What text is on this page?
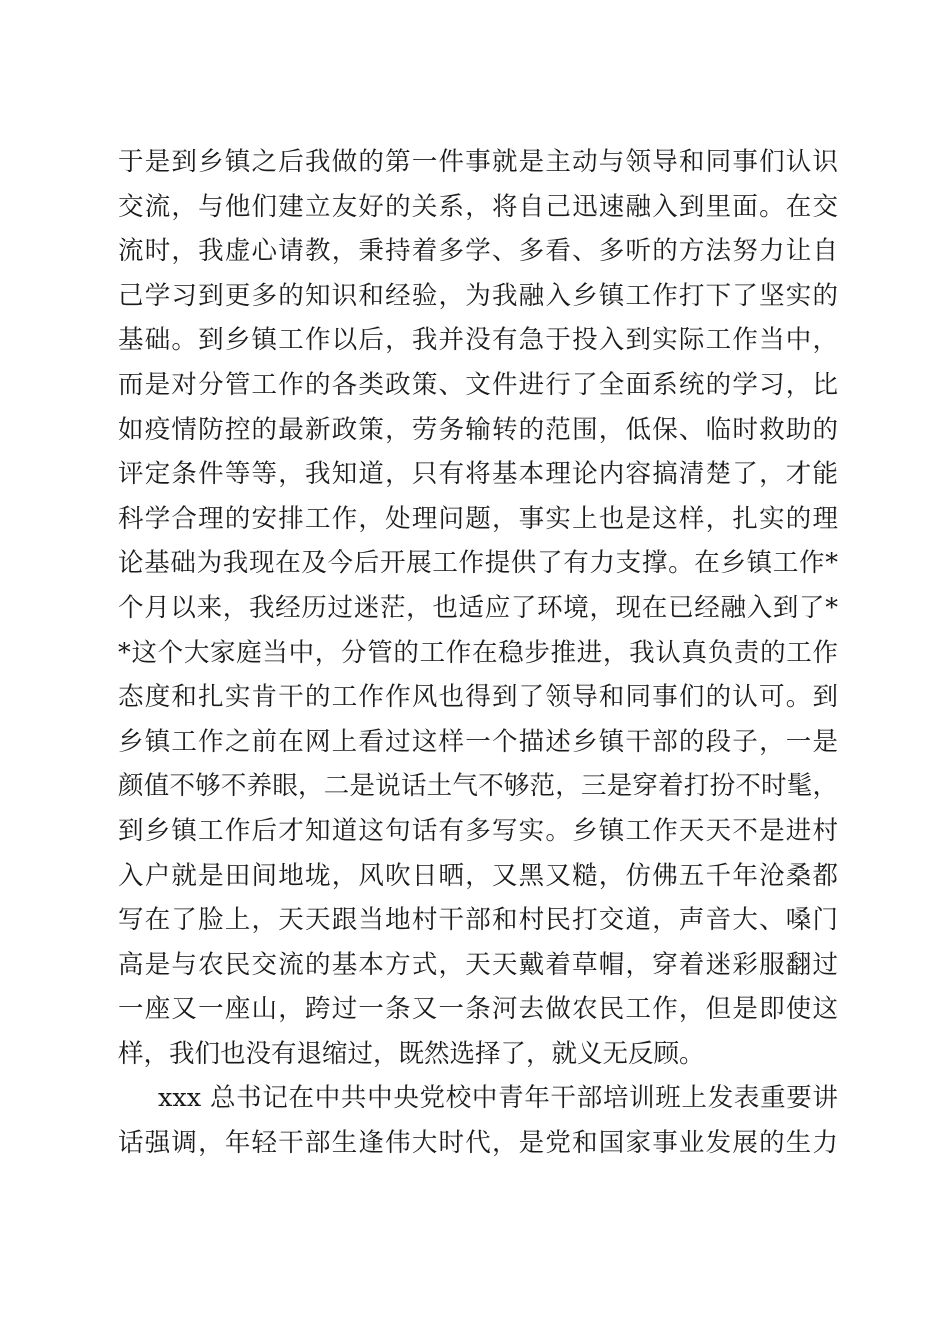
于是到乡镇之后我做的第一件事就是主动与领导和同事们认识
交流，与他们建立友好的关系，将自己迅速融入到里面。在交
流时，我虚心请教，秉持着多学、多看、多听的方法努力让自
己学习到更多的知识和经验，为我融入乡镇工作打下了坚实的
基础。到乡镇工作以后，我并没有急于投入到实际工作当中，
而是对分管工作的各类政策、文件进行了全面系统的学习，比
如疫情防控的最新政策，劳务输转的范围，低保、临时救助的
评定条件等等，我知道，只有将基本理论内容搞清楚了，才能
科学合理的安排工作，处理问题，事实上也是这样，扎实的理
论基础为我现在及今后开展工作提供了有力支撑。在乡镇工作*
个月以来，我经历过迷茫，也适应了环境，现在已经融入到了*
*这个大家庭当中，分管的工作在稳步推进，我认真负责的工作
态度和扎实肯干的工作作风也得到了领导和同事们的认可。到
乡镇工作之前在网上看过这样一个描述乡镇干部的段子，一是
颜值不够不养眼，二是说话土气不够范，三是穿着打扮不时髦，
到乡镇工作后才知道这句话有多写实。乡镇工作天天不是进村
入户就是田间地垅，风吹日晒，又黑又糙，仿佛五千年沧桑都
写在了脸上，天天跟当地村干部和村民打交道，声音大、嗓门
高是与农民交流的基本方式，天天戴着草帽，穿着迷彩服翻过
一座又一座山，跨过一条又一条河去做农民工作，但是即使这
样，我们也没有退缩过，既然选择了，就义无反顾。
xxx 总书记在中共中央党校中青年干部培训班上发表重要讲
话强调，年轻干部生逢伟大时代，是党和国家事业发展的生力
